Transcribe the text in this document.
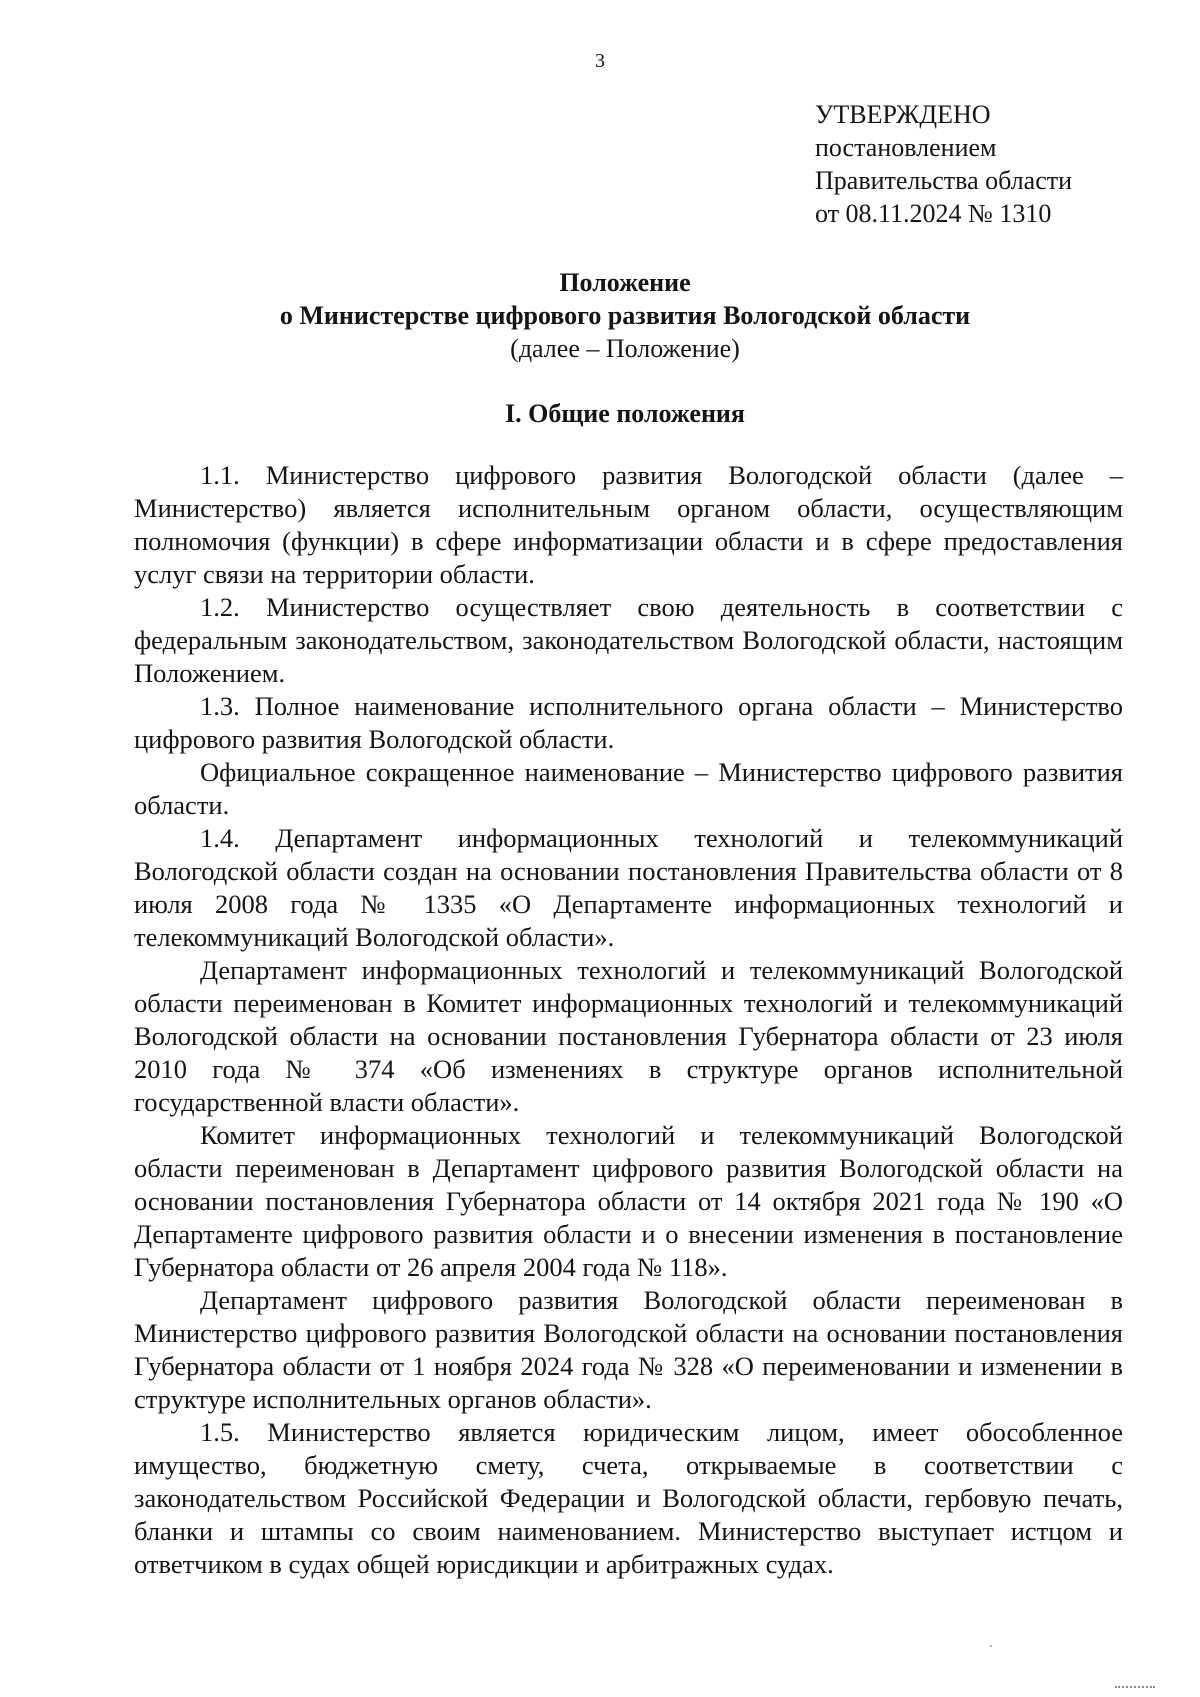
3
УТВЕРЖДЕНО
постановлением
Правительства области
от 08.11.2024 № 1310
Положение
о Министерстве цифрового развития Вологодской области
(далее – Положение)
I. Общие положения

1.1. Министерство цифрового развития Вологодской области (далее – Министерство) является исполнительным органом области, осуществляющим полномочия (функции) в сфере информатизации области и в сфере предоставления услуг связи на территории области.

1.2. Министерство осуществляет свою деятельность в соответствии с федеральным законодательством, законодательством Вологодской области, настоящим Положением.

1.3. Полное наименование исполнительного органа области – Министерство цифрового развития Вологодской области.

Официальное сокращенное наименование – Министерство цифрового развития области.

1.4. Департамент информационных технологий и телекоммуникаций Вологодской области создан на основании постановления Правительства области от 8 июля 2008 года № 1335 «О Департаменте информационных технологий и телекоммуникаций Вологодской области».

Департамент информационных технологий и телекоммуникаций Вологодской области переименован в Комитет информационных технологий и телекоммуникаций Вологодской области на основании постановления Губернатора области от 23 июля 2010 года № 374 «Об изменениях в структуре органов исполнительной государственной власти области».

Комитет информационных технологий и телекоммуникаций Вологодской области переименован в Департамент цифрового развития Вологодской области на основании постановления Губернатора области от 14 октября 2021 года № 190 «О Департаменте цифрового развития области и о внесении изменения в постановление Губернатора области от 26 апреля 2004 года № 118».

Департамент цифрового развития Вологодской области переименован в Министерство цифрового развития Вологодской области на основании постановления Губернатора области от 1 ноября 2024 года № 328 «О переименовании и изменении в структуре исполнительных органов области».

1.5. Министерство является юридическим лицом, имеет обособленное имущество, бюджетную смету, счета, открываемые в соответствии с законодательством Российской Федерации и Вологодской области, гербовую печать, бланки и штампы со своим наименованием. Министерство выступает истцом и ответчиком в судах общей юрисдикции и арбитражных судах.
